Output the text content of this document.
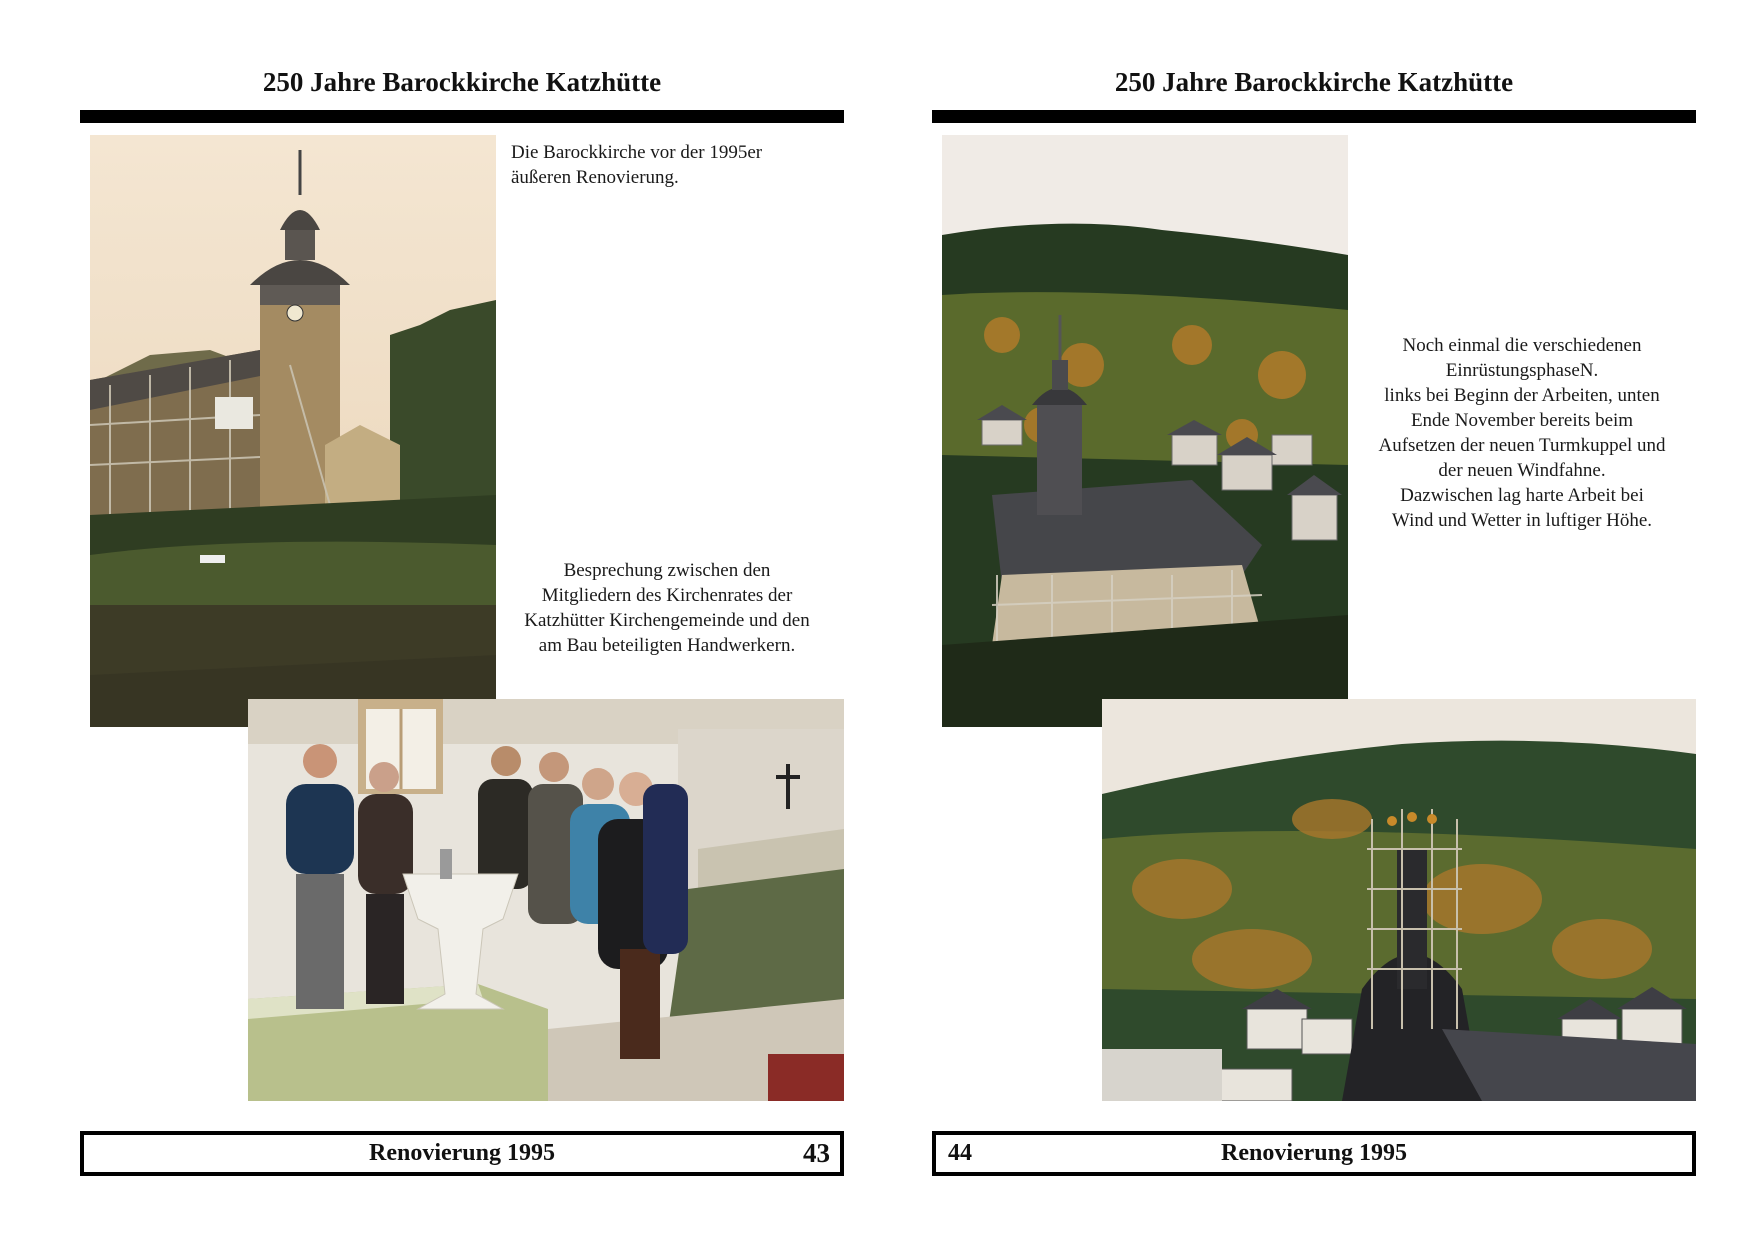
250 Jahre Barockkirche Katzhütte
Die Barockkirche vor der 1995er
äußeren Renovierung.
Besprechung zwischen den
Mitgliedern des Kirchenrates der
Katzhütter Kirchengemeinde und den
am Bau beteiligten Handwerkern.
Renovierung 1995	43
250 Jahre Barockkirche Katzhütte
Noch einmal die verschiedenen
EinrüstungsphaseN.
links bei Beginn der Arbeiten, unten
Ende November bereits beim
Aufsetzen der neuen Turmkuppel und
der neuen Windfahne.
Dazwischen lag harte Arbeit bei
Wind und Wetter in luftiger Höhe.
44	Renovierung 1995
